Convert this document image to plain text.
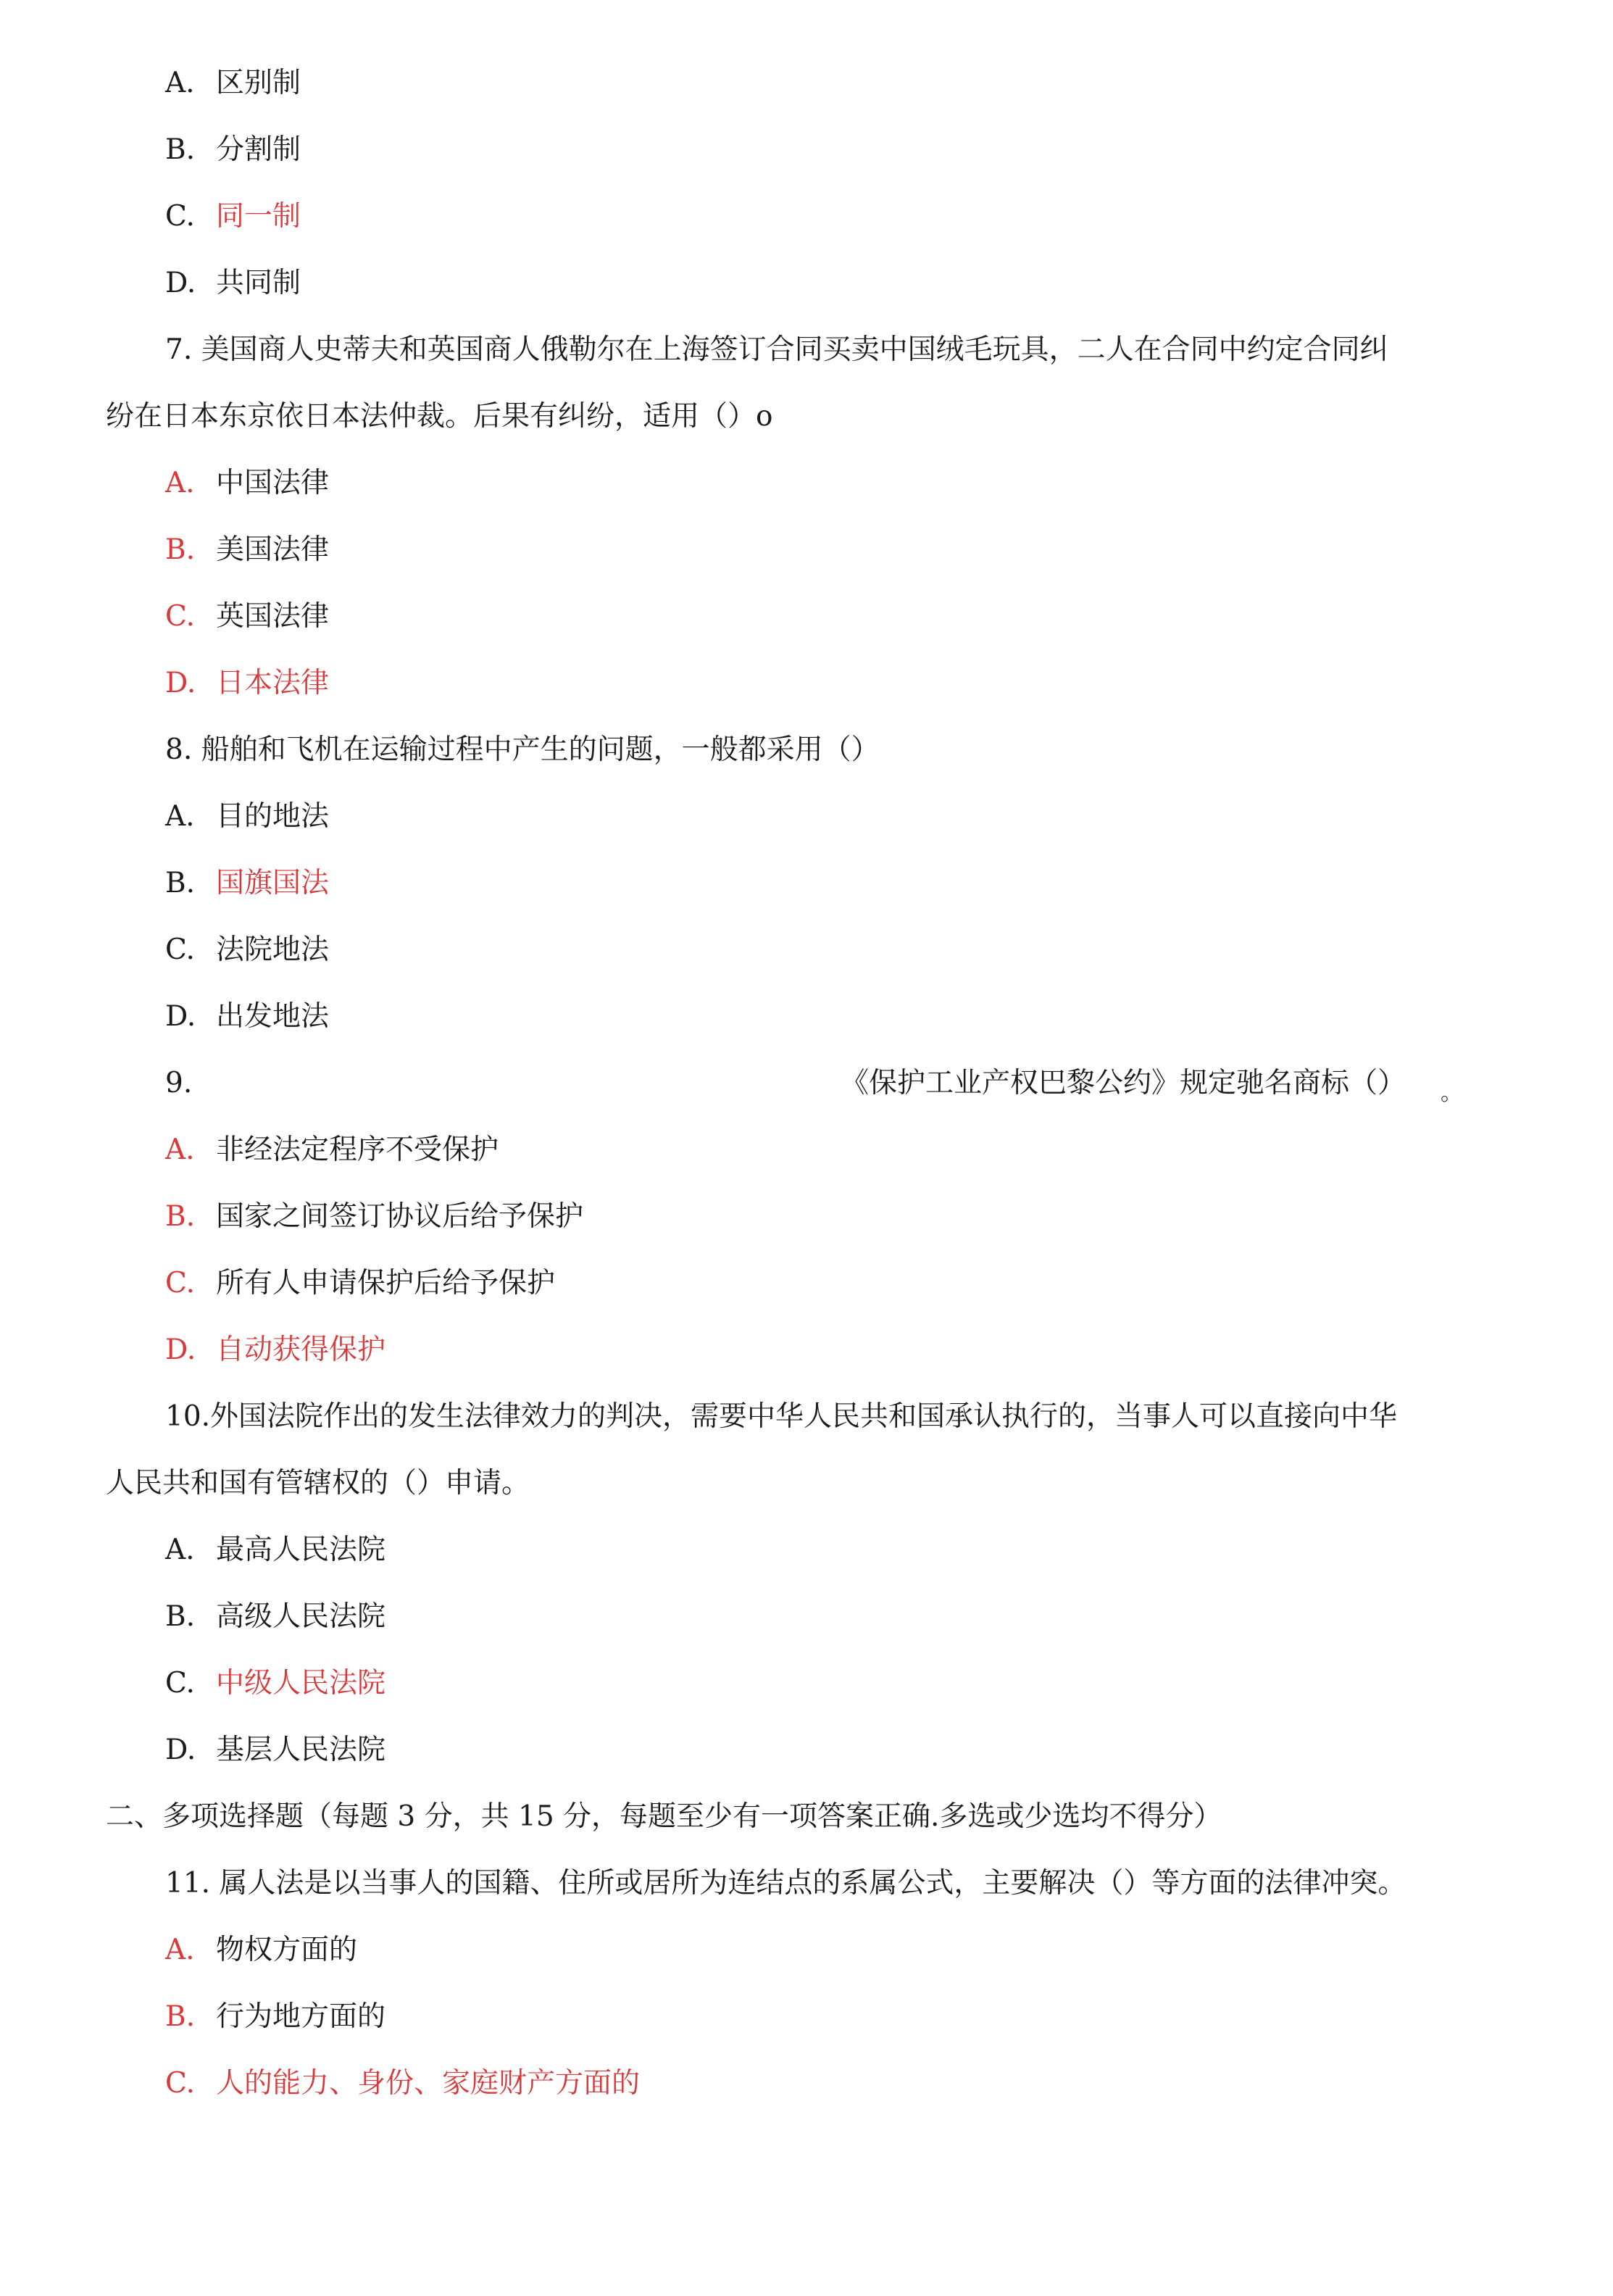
A. 区别制
B. 分割制
C. 同一制
D. 共同制
7. 美国商人史蒂夫和英国商人俄勒尔在上海签订合同买卖中国绒毛玩具，二人在合同中约定合同纠
纷在日本东京依日本法仲裁。后果有纠纷，适用（）o
A. 中国法律
B. 美国法律
C. 英国法律
D. 日本法律
8. 船舶和飞机在运输过程中产生的问题，一般都采用（）
A. 目的地法
B. 国旗国法
C. 法院地法
D. 出发地法
9.	《保护工业产权巴黎公约》规定驰名商标（） 。
A. 非经法定程序不受保护
B. 国家之间签订协议后给予保护
C. 所有人申请保护后给予保护
D. 自动获得保护
10.外国法院作出的发生法律效力的判决，需要中华人民共和国承认执行的，当事人可以直接向中华
人民共和国有管辖权的（）申请。
A. 最高人民法院
B. 高级人民法院
C. 中级人民法院
D. 基层人民法院
二、多项选择题（每题 3 分，共 15 分，每题至少有一项答案正确.多选或少选均不得分）
11. 属人法是以当事人的国籍、住所或居所为连结点的系属公式，主要解决（）等方面的法律冲突。
A. 物权方面的
B. 行为地方面的
C. 人的能力、身份、家庭财产方面的
